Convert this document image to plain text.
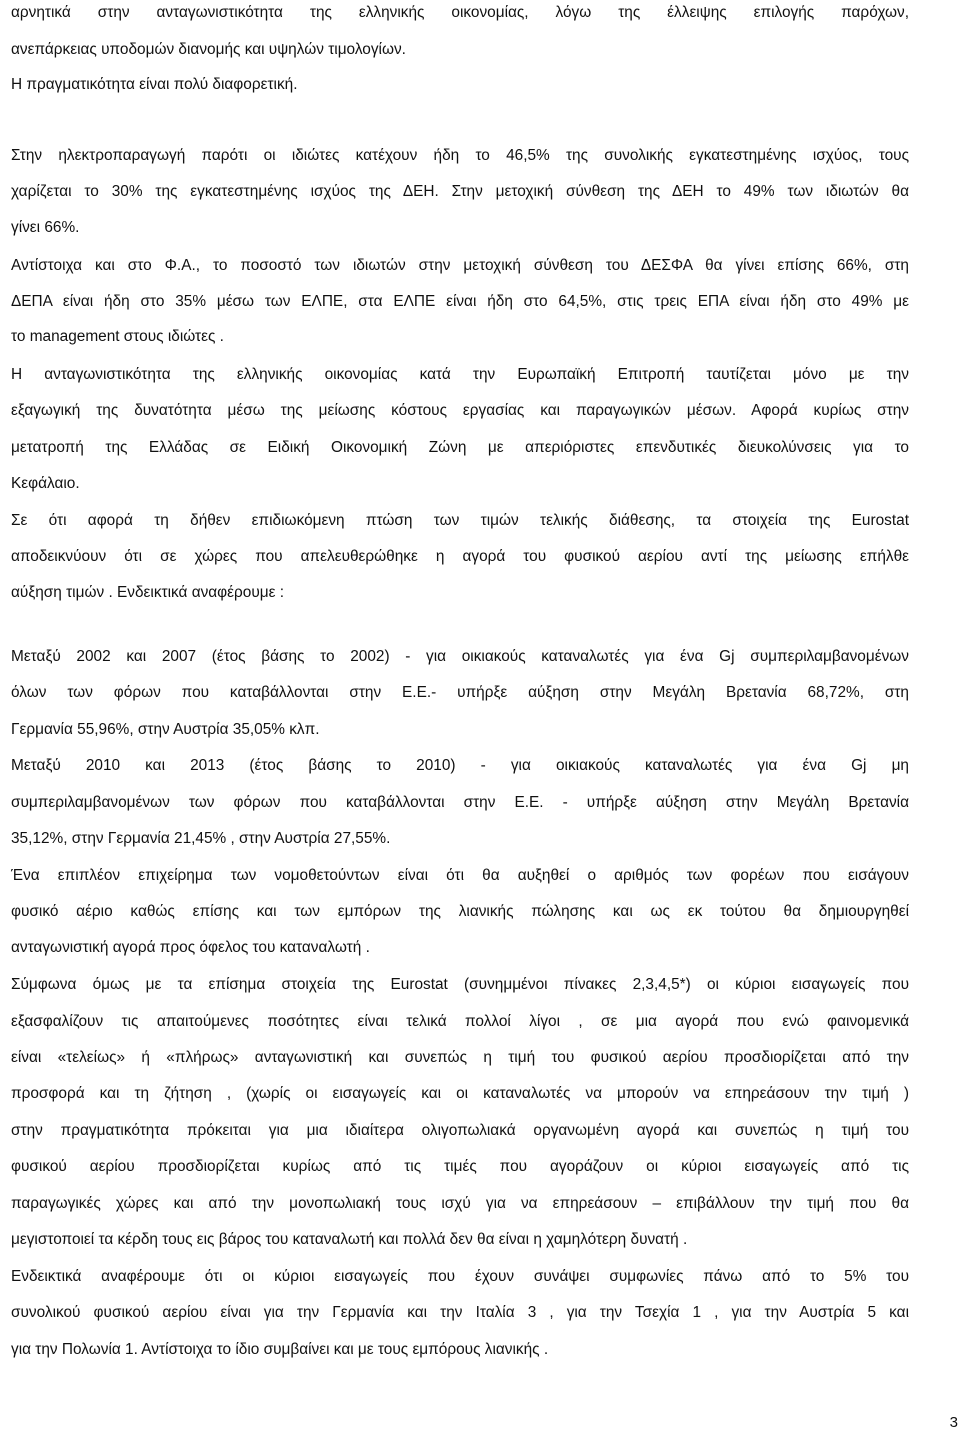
αρνητικά στην ανταγωνιστικότητα της ελληνικής οικονομίας, λόγω της έλλειψης επιλογής παρόχων,
ανεπάρκειας υποδομών διανομής και υψηλών τιμολογίων.
Η πραγματικότητα είναι πολύ διαφορετική.
Στην ηλεκτροπαραγωγή παρότι οι ιδιώτες κατέχουν ήδη το 46,5% της συνολικής εγκατεστημένης ισχύος, τους
χαρίζεται το 30% της εγκατεστημένης ισχύος της ΔΕΗ. Στην μετοχική σύνθεση της ΔΕΗ το 49% των ιδιωτών θα
γίνει 66%.
Αντίστοιχα και στο Φ.Α., το ποσοστό των ιδιωτών στην μετοχική σύνθεση του ΔΕΣΦΑ θα γίνει επίσης 66%, στη
ΔΕΠΑ είναι ήδη στο 35% μέσω των ΕΛΠΕ, στα ΕΛΠΕ είναι ήδη στο 64,5%, στις τρεις ΕΠΑ είναι ήδη στο 49% με
το management στους ιδιώτες .
Η ανταγωνιστικότητα της ελληνικής οικονομίας κατά την Ευρωπαϊκή Επιτροπή ταυτίζεται μόνο με την
εξαγωγική της δυνατότητα μέσω της μείωσης κόστους εργασίας και παραγωγικών μέσων. Αφορά κυρίως στην
μετατροπή της Ελλάδας σε Ειδική Οικονομική Ζώνη με απεριόριστες επενδυτικές διευκολύνσεις για το
Κεφάλαιο.
Σε ότι αφορά τη δήθεν επιδιωκόμενη πτώση των τιμών τελικής διάθεσης, τα στοιχεία της Eurostat
αποδεικνύουν ότι σε χώρες που απελευθερώθηκε η αγορά του φυσικού αερίου αντί της μείωσης επήλθε
αύξηση τιμών . Ενδεικτικά αναφέρουμε :
Μεταξύ 2002 και 2007 (έτος βάσης το 2002) - για οικιακούς καταναλωτές για ένα Gj συμπεριλαμβανομένων
όλων των φόρων που καταβάλλονται στην Ε.Ε.- υπήρξε αύξηση στην Μεγάλη Βρετανία 68,72%, στη
Γερμανία 55,96%, στην Αυστρία 35,05% κλπ.
Μεταξύ 2010 και 2013 (έτος βάσης το 2010) - για οικιακούς καταναλωτές για ένα Gj μη
συμπεριλαμβανομένων των φόρων που καταβάλλονται στην Ε.Ε. - υπήρξε αύξηση στην Μεγάλη Βρετανία
35,12%, στην Γερμανία 21,45% , στην Αυστρία 27,55%.
Ένα επιπλέον επιχείρημα των νομοθετούντων είναι ότι θα αυξηθεί ο αριθμός των φορέων που εισάγουν
φυσικό αέριο καθώς επίσης και των εμπόρων της λιανικής πώλησης και ως εκ τούτου θα δημιουργηθεί
ανταγωνιστική αγορά προς όφελος του καταναλωτή .
Σύμφωνα όμως με τα επίσημα στοιχεία της Eurostat (συνημμένοι πίνακες 2,3,4,5*) οι κύριοι εισαγωγείς που
εξασφαλίζουν τις απαιτούμενες ποσότητες είναι τελικά πολλοί λίγοι , σε μια αγορά που ενώ φαινομενικά
είναι «τελείως» ή «πλήρως» ανταγωνιστική και συνεπώς η τιμή του φυσικού αερίου προσδιορίζεται από την
προσφορά και τη ζήτηση , (χωρίς οι εισαγωγείς και οι καταναλωτές να μπορούν να επηρεάσουν την τιμή )
στην πραγματικότητα πρόκειται για μια ιδιαίτερα ολιγοπωλιακά οργανωμένη αγορά και συνεπώς η τιμή του
φυσικού αερίου προσδιορίζεται κυρίως από τις τιμές που αγοράζουν οι κύριοι εισαγωγείς από τις
παραγωγικές χώρες και από την μονοπωλιακή τους ισχύ για να επηρεάσουν – επιβάλλουν την τιμή που θα
μεγιστοποιεί τα κέρδη τους εις βάρος του καταναλωτή και πολλά δεν θα είναι η χαμηλότερη δυνατή .
Ενδεικτικά αναφέρουμε ότι οι κύριοι εισαγωγείς που έχουν συνάψει συμφωνίες πάνω από το 5% του
συνολικού φυσικού αερίου είναι για την Γερμανία και την Ιταλία 3 , για την Τσεχία 1 , για την Αυστρία 5 και
για την Πολωνία 1. Αντίστοιχα το ίδιο συμβαίνει και με τους εμπόρους λιανικής .
3
